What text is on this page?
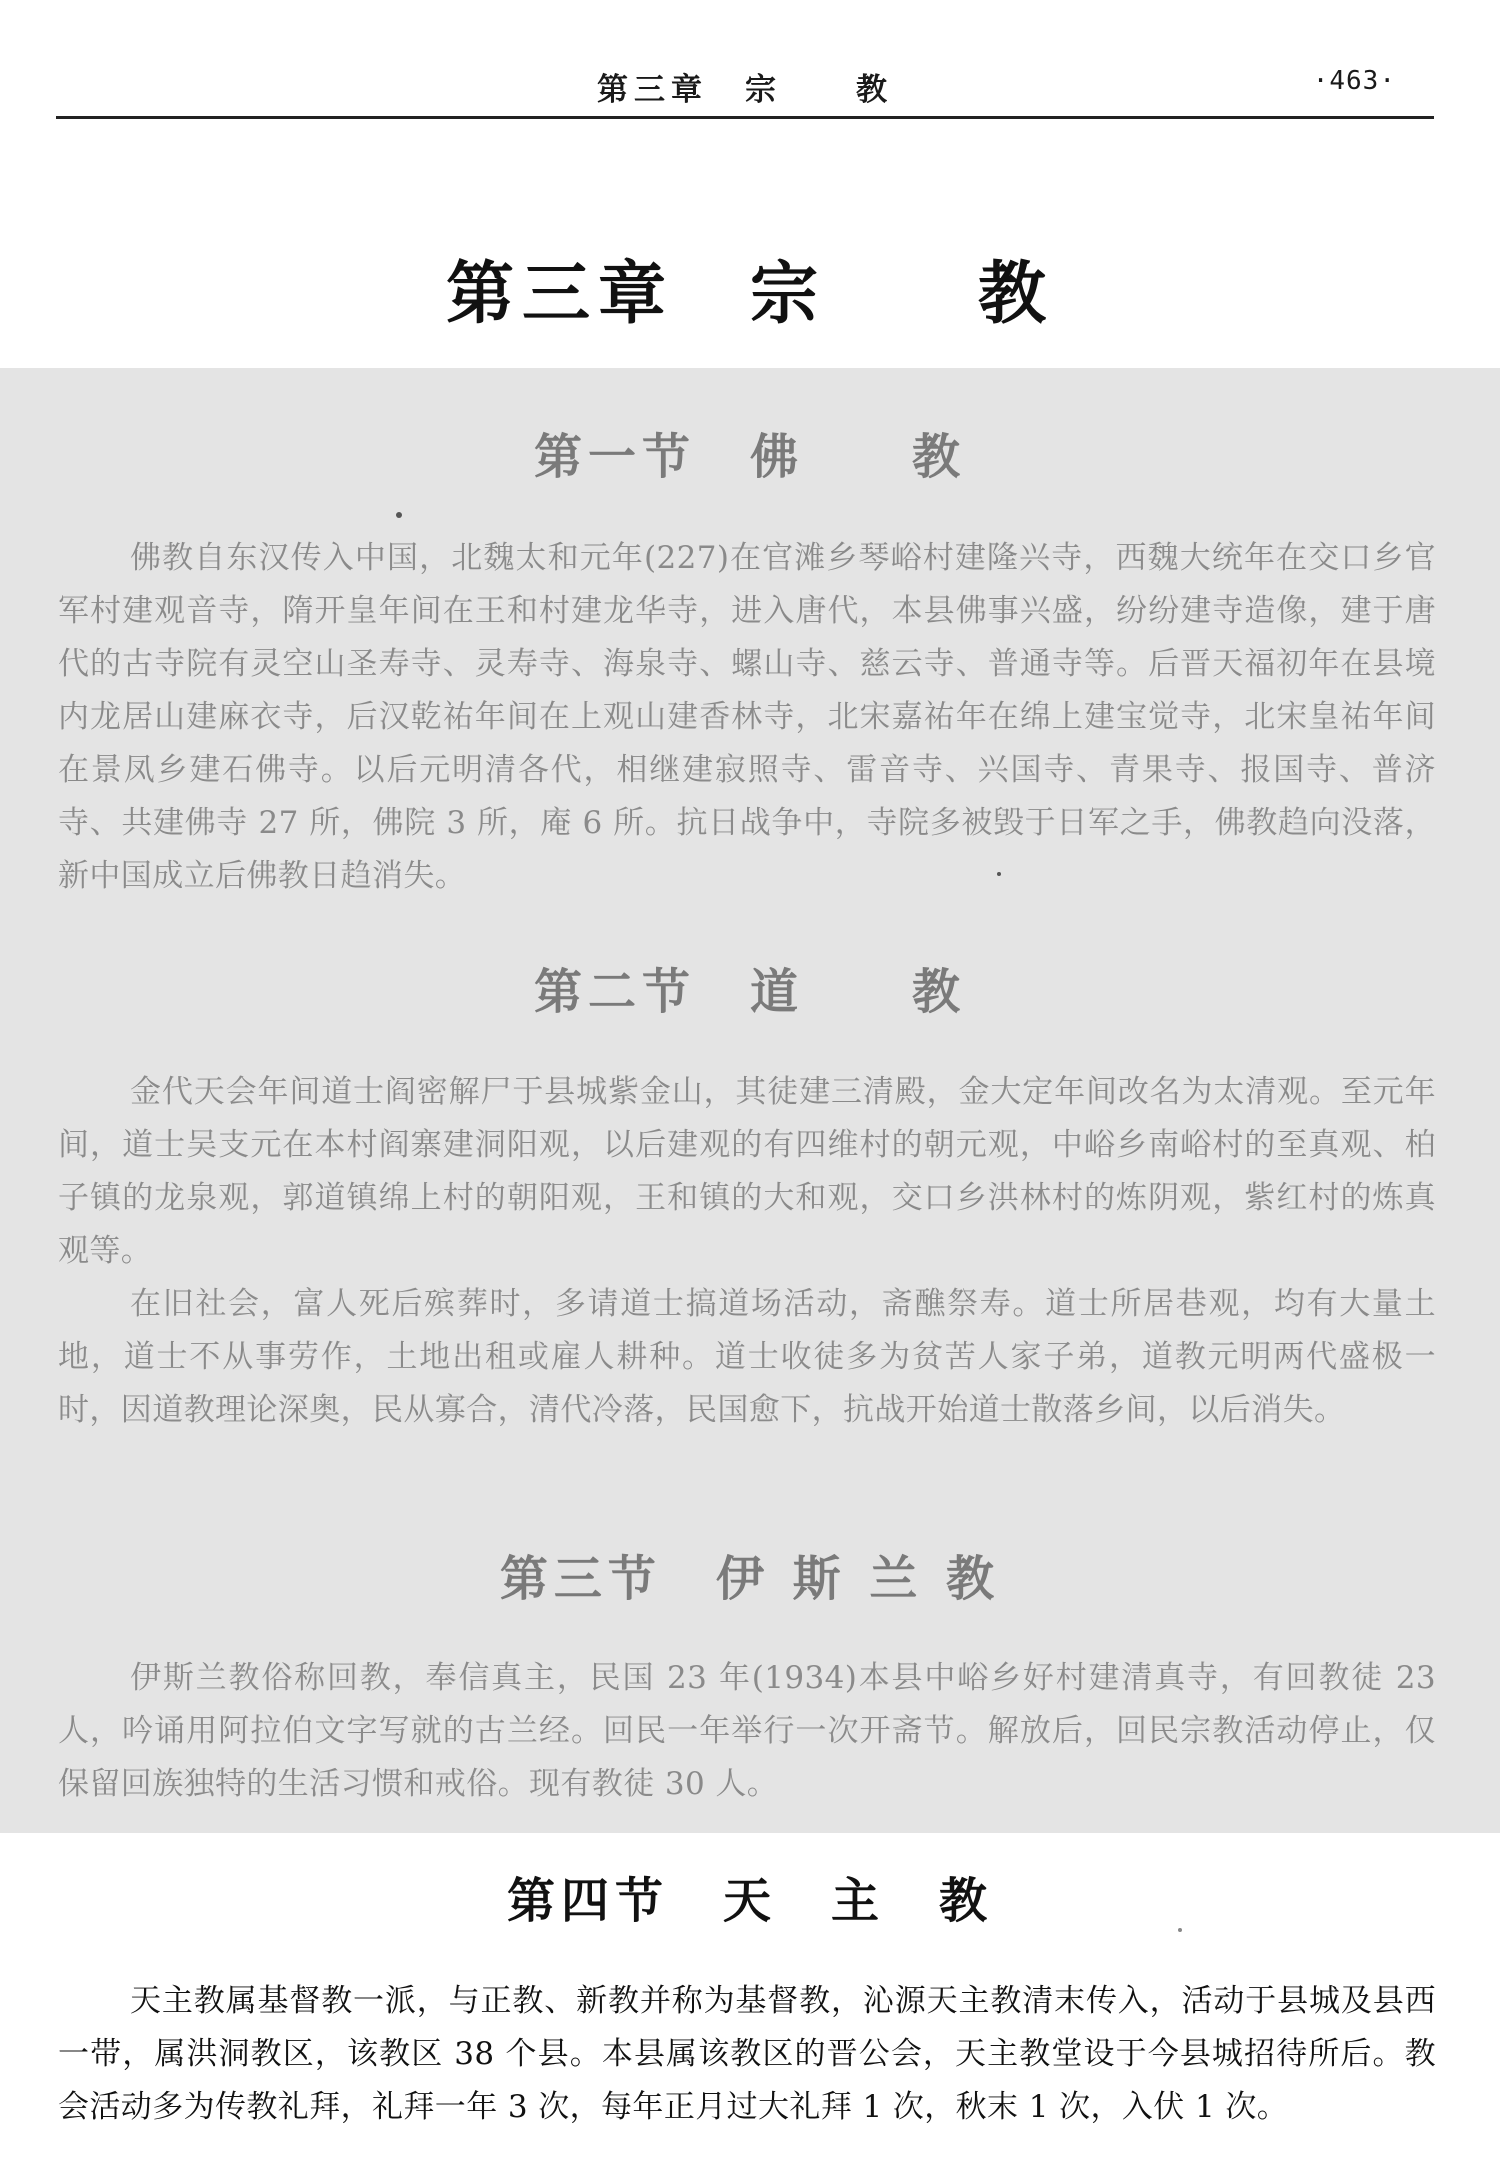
第三章　宗　　教	·463·
第三章　宗　　教
第一节　佛　　教

佛教自东汉传入中国，北魏太和元年(227)在官滩乡琴峪村建隆兴寺，西魏大统年在交口乡官军村建观音寺，隋开皇年间在王和村建龙华寺，进入唐代，本县佛事兴盛，纷纷建寺造像，建于唐代的古寺院有灵空山圣寿寺、灵寿寺、海泉寺、螺山寺、慈云寺、普通寺等。后晋天福初年在县境内龙居山建麻衣寺，后汉乾祐年间在上观山建香林寺，北宋嘉祐年在绵上建宝觉寺，北宋皇祐年间在景凤乡建石佛寺。以后元明清各代，相继建寂照寺、雷音寺、兴国寺、青果寺、报国寺、普济寺、共建佛寺 27 所，佛院 3 所，庵 6 所。抗日战争中，寺院多被毁于日军之手，佛教趋向没落，新中国成立后佛教日趋消失。

第二节　道　　教

金代天会年间道士阎密解尸于县城紫金山，其徒建三清殿，金大定年间改名为太清观。至元年间，道士吴支元在本村阎寨建洞阳观，以后建观的有四维村的朝元观，中峪乡南峪村的至真观、柏子镇的龙泉观，郭道镇绵上村的朝阳观，王和镇的大和观，交口乡洪林村的炼阴观，紫红村的炼真观等。

在旧社会，富人死后殡葬时，多请道士搞道场活动，斋醮祭寿。道士所居巷观，均有大量土地，道士不从事劳作，土地出租或雇人耕种。道士收徒多为贫苦人家子弟，道教元明两代盛极一时，因道教理论深奥，民从寡合，清代冷落，民国愈下，抗战开始道士散落乡间，以后消失。

第三节　伊 斯 兰 教

伊斯兰教俗称回教，奉信真主，民国 23 年(1934)本县中峪乡好村建清真寺，有回教徒 23 人，吟诵用阿拉伯文字写就的古兰经。回民一年举行一次开斋节。解放后，回民宗教活动停止，仅保留回族独特的生活习惯和戒俗。现有教徒 30 人。

第四节　天　主　教

天主教属基督教一派，与正教、新教并称为基督教，沁源天主教清末传入，活动于县城及县西一带，属洪洞教区，该教区 38 个县。本县属该教区的晋公会，天主教堂设于今县城招待所后。教会活动多为传教礼拜，礼拜一年 3 次，每年正月过大礼拜 1 次，秋末 1 次，入伏 1 次。
